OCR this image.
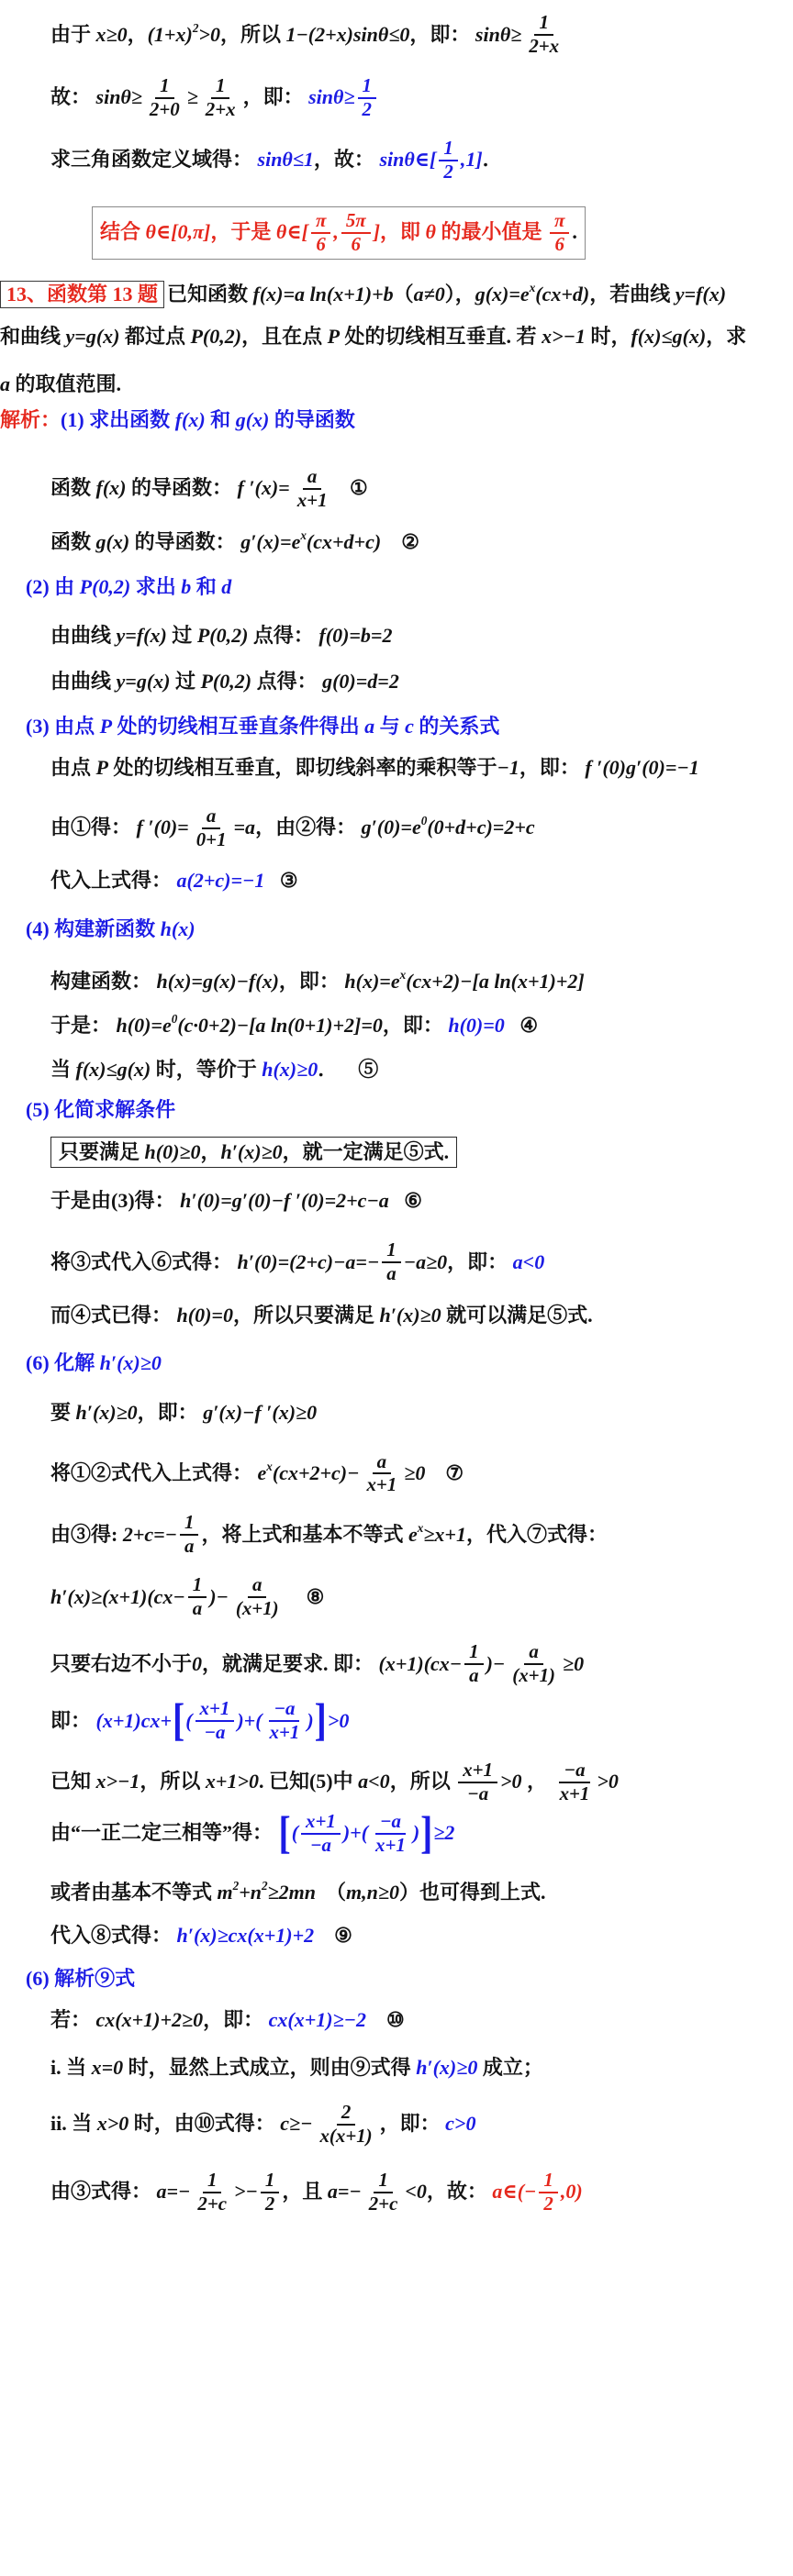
由于 x≥0 ， (1+x) 2 >0 ，所以 1−(2+x)sinθ≤0 ，即： $\sin\theta\ge \frac{1}{2+x}$
故： $\sin\theta\ge \frac{1}{2+0} \ge \frac{1}{2+x}$ ，即： $\sin\theta\ge \frac{1}{2}$
求三角函数定义域得： sinθ≤1 ，故： sinθ∈[ $\frac{1}{2} ,1$] ．
结合 θ∈[0,π] ，于是 θ∈[ $\frac{\pi}{6}$ , $\frac{5\pi}{6}$ ] ，即 θ 的最小值是 $\frac{\pi}{6}$ .
13、函数第 13 题 已知函数 f(x)=a ln(x+1)+b （ a≠0 ）， g(x)=e x (cx+d) ，若曲线 y=f(x)
和曲线 y=g(x) 都过点 P(0,2) ，且在点 P 处的切线相互垂直. 若 x>−1 时， f(x)≤g(x) ，求
a 的取值范围.
解析： (1) 求出函数 f(x) 和 g(x) 的导函数
函数 f(x) 的导函数： f $'(x)= \frac{a}{x+1}$ ①
函数 g(x) 的导函数： g′(x)=e x (cx+d+c) ②
(2) 由 P(0,2) 求出 b 和 d
由曲线 y=f(x) 过 P(0,2) 点得： f(0)=b=2
由曲线 y=g(x) 过 P(0,2) 点得： g(0)=d=2
(3) 由点 P 处的切线相互垂直条件得出 a 与 c 的关系式
由点 P 处的切线相互垂直，即切线斜率的乘积等于 −1 ，即： f ′(0)g′(0)=−1
由①得： f $'(0)= \frac{a}{0+1} =a$ ，由②得： g′(0)=e 0 (0+d+c)=2+c
代入上式得： a(2+c)=−1 ③
(4) 构建新函数 h(x)
构建函数： h(x)=g(x)−f(x) ，即： h(x)=e x (cx+2)−[a ln(x+1)+2]
于是： h(0)=e 0 (c·0+2)−[a ln(0+1)+2]=0 ，即： h(0)=0 ④
当 f(x)≤g(x) 时，等价于 h(x)≥0 ．    ⑤
(5) 化简求解条件
只要满足 h(0)≥0 ， h′(x)≥0 ，就一定满足⑤式.
于是由(3)得： h′(0)=g′(0)−f ′(0)=2+c−a ⑥
将③式代入⑥式得： $h'(0)=(2+c)-a=- \frac{1}{a} -a\ge 0$ ，即： a<0
而④式已得： h(0)=0 ，所以只要满足 h′(x)≥0 就可以满足⑤式.
(6) 化解 h′(x)≥0
要 h′(x)≥0 ，即： g′(x)−f ′(x)≥0
将①②式代入上式得： e x $(cx+2+c)- \frac{a}{x+1} \ge 0$ ⑦
由③得: $2+c=- \frac{1}{a}$ ，将上式和基本不等式 e x ≥x+1 ，代入⑦式得：
$h'(x)\ge(x+1)(cx- \frac{1}{a}$ )− $\frac{a}{(x+1)}$ ⑧
只要右边不小于 0 ，就满足要求. 即： $(x+1)(cx- \frac{1}{a}$ )− $\frac{a}{(x+1)} \ge 0$
即： (x+1)cx+ [ ( $\frac{x+1}{-a}$ )+( $\frac{-a}{x+1}$ ) ] >0
已知 x>−1 ，所以 x+1>0 . 已知(5)中 a<0 ，所以 $\frac{x+1}{-a} >0$ ， $\frac{-a}{x+1} >0$
由“一正二定三相等”得： [ ( $\frac{x+1}{-a}$ )+( $\frac{-a}{x+1}$ ) ] ≥2
或者由基本不等式 m 2 +n 2 ≥2mn 　（ m,n≥0 ）也可得到上式.
代入⑧式得： h′(x)≥cx(x+1)+2 ⑨
(6) 解析⑨式
若： cx(x+1)+2≥0 ，即： cx(x+1)≥−2 ⑩
i. 当 x=0 时，显然上式成立，则由⑨式得 h′(x)≥0 成立；
ii. 当 x>0 时，由⑩式得： $c\ge- \frac{2}{x(x+1)}$ ，即： c>0
由③式得： $a=- \frac{1}{2+c} >- \frac{1}{2}$ ，且 $a=- \frac{1}{2+c} <0$ ，故： a∈(− $\frac{1}{2} ,0$)
